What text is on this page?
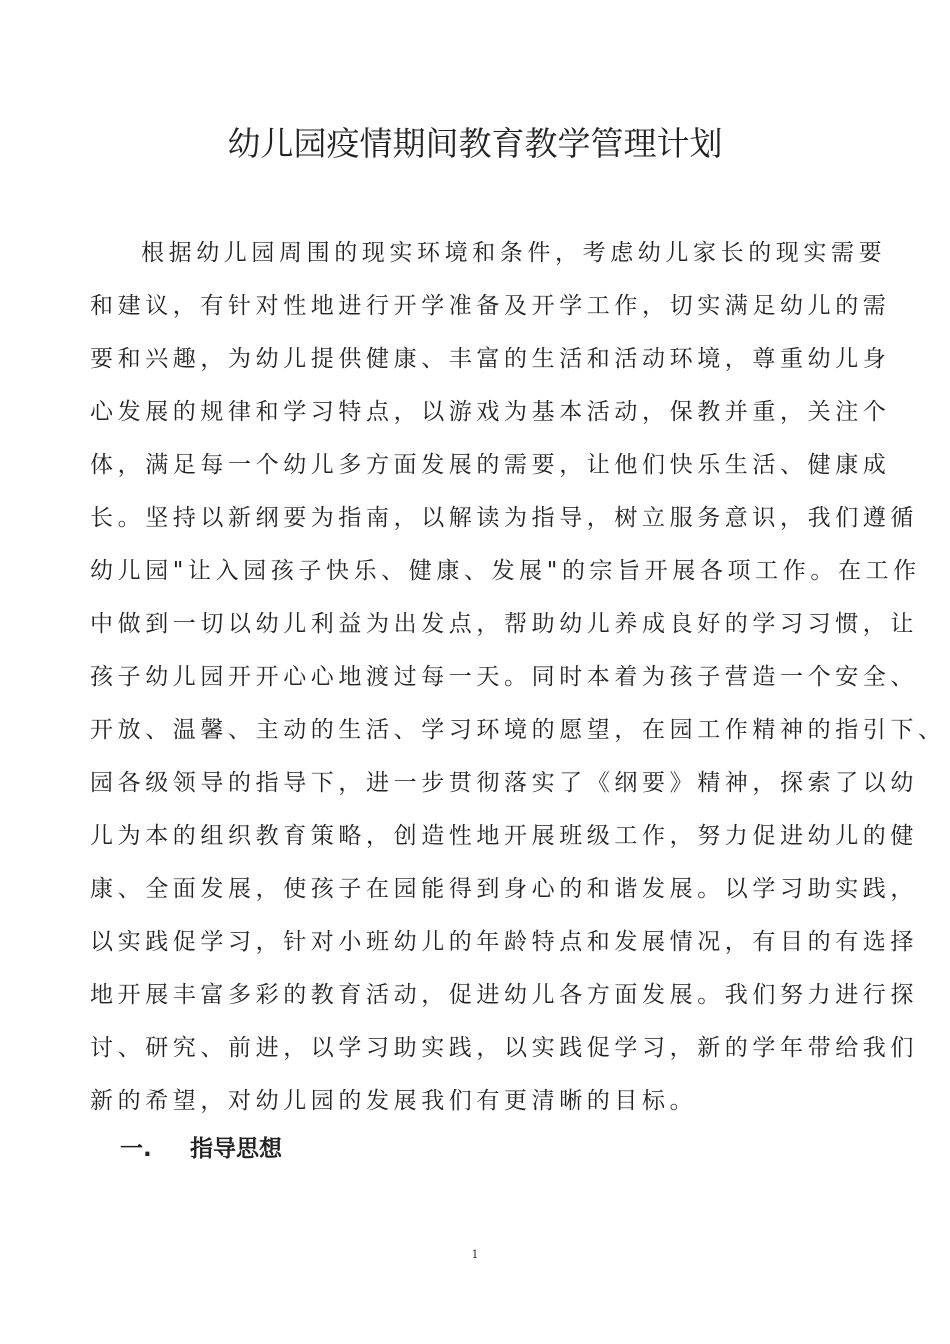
幼儿园疫情期间教育教学管理计划
根据幼儿园周围的现实环境和条件，考虑幼儿家长的现实需要
和建议，有针对性地进行开学准备及开学工作，切实满足幼儿的需
要和兴趣，为幼儿提供健康、丰富的生活和活动环境，尊重幼儿身
心发展的规律和学习特点，以游戏为基本活动，保教并重，关注个
体，满足每一个幼儿多方面发展的需要，让他们快乐生活、健康成
长。坚持以新纲要为指南，以解读为指导，树立服务意识，我们遵循
幼儿园"让入园孩子快乐、健康、发展"的宗旨开展各项工作。在工作
中做到一切以幼儿利益为出发点，帮助幼儿养成良好的学习习惯，让
孩子幼儿园开开心心地渡过每一天。同时本着为孩子营造一个安全、
开放、温馨、主动的生活、学习环境的愿望，在园工作精神的指引下、
园各级领导的指导下，进一步贯彻落实了《纲要》精神，探索了以幼
儿为本的组织教育策略，创造性地开展班级工作，努力促进幼儿的健
康、全面发展，使孩子在园能得到身心的和谐发展。以学习助实践，
以实践促学习，针对小班幼儿的年龄特点和发展情况，有目的有选择
地开展丰富多彩的教育活动，促进幼儿各方面发展。我们努力进行探
讨、研究、前进，以学习助实践，以实践促学习，新的学年带给我们
新的希望，对幼儿园的发展我们有更清晰的目标。
一. 指导思想
1
